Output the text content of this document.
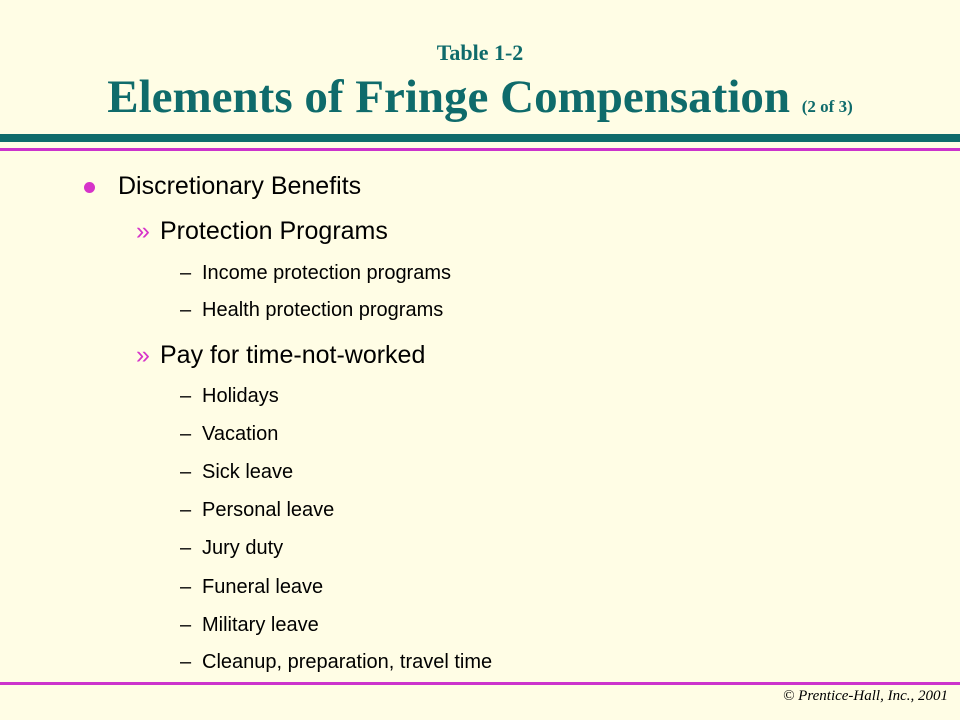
Table 1-2
Elements of Fringe Compensation (2 of 3)
Discretionary Benefits
» Protection Programs
– Income protection programs
– Health protection programs
» Pay for time-not-worked
– Holidays
– Vacation
– Sick leave
– Personal leave
– Jury duty
– Funeral leave
– Military leave
– Cleanup, preparation, travel time
© Prentice-Hall, Inc., 2001
